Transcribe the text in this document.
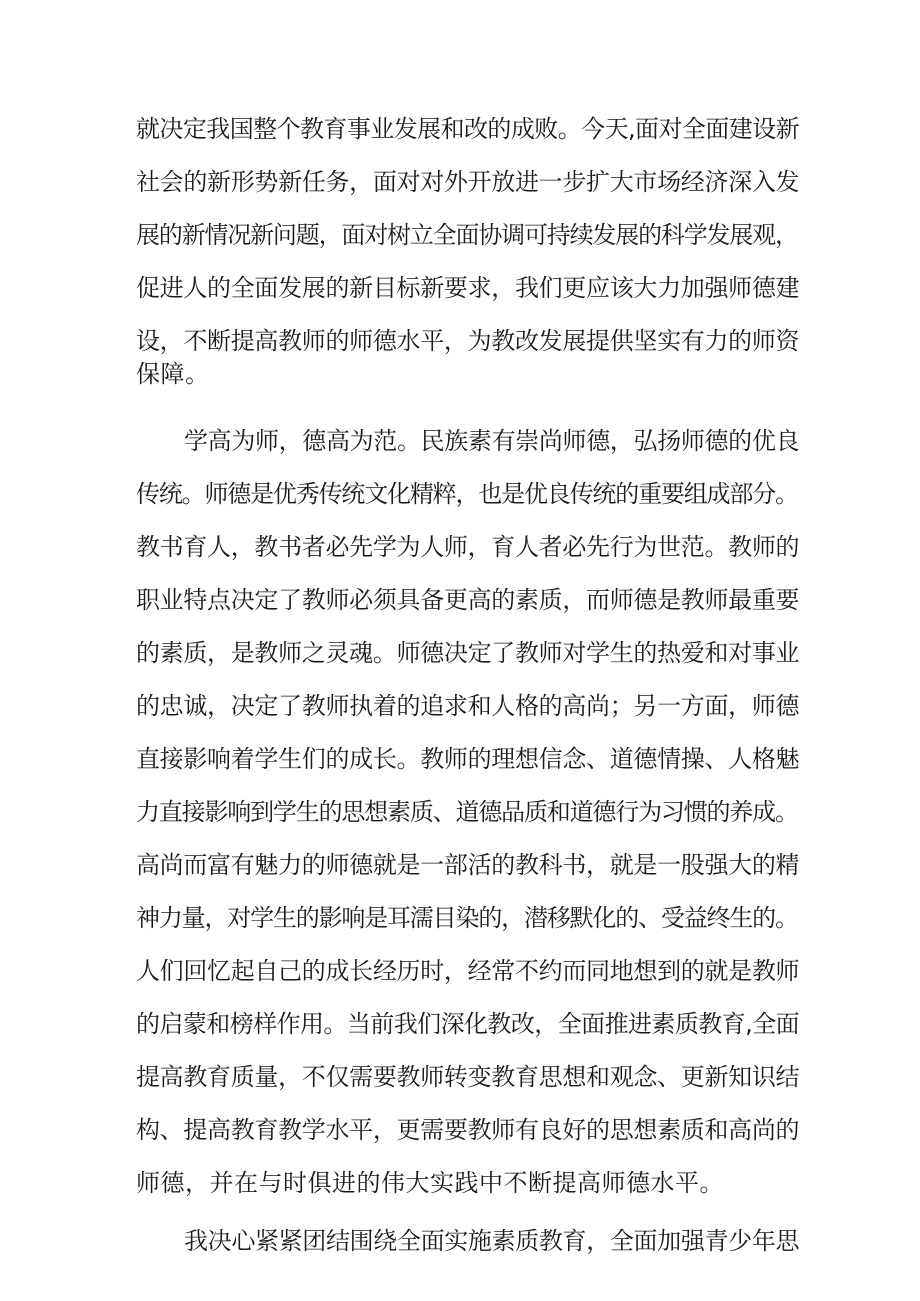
就决定我国整个教育事业发展和改的成败。今天,面对全面建设新
社会的新形势新任务，面对对外开放进一步扩大市场经济深入发
展的新情况新问题，面对树立全面协调可持续发展的科学发展观，
促进人的全面发展的新目标新要求，我们更应该大力加强师德建
设，不断提高教师的师德水平，为教改发展提供坚实有力的师资
保障。
学高为师，德高为范。民族素有崇尚师德，弘扬师德的优良
传统。师德是优秀传统文化精粹，也是优良传统的重要组成部分。
教书育人，教书者必先学为人师，育人者必先行为世范。教师的
职业特点决定了教师必须具备更高的素质，而师德是教师最重要
的素质，是教师之灵魂。师德决定了教师对学生的热爱和对事业
的忠诚，决定了教师执着的追求和人格的高尚；另一方面，师德
直接影响着学生们的成长。教师的理想信念、道德情操、人格魅
力直接影响到学生的思想素质、道德品质和道德行为习惯的养成。
高尚而富有魅力的师德就是一部活的教科书，就是一股强大的精
神力量，对学生的影响是耳濡目染的，潜移默化的、受益终生的。
人们回忆起自己的成长经历时，经常不约而同地想到的就是教师
的启蒙和榜样作用。当前我们深化教改，全面推进素质教育,全面
提高教育质量，不仅需要教师转变教育思想和观念、更新知识结
构、提高教育教学水平，更需要教师有良好的思想素质和高尚的
师德，并在与时俱进的伟大实践中不断提高师德水平。
我决心紧紧团结围绕全面实施素质教育，全面加强青少年思
